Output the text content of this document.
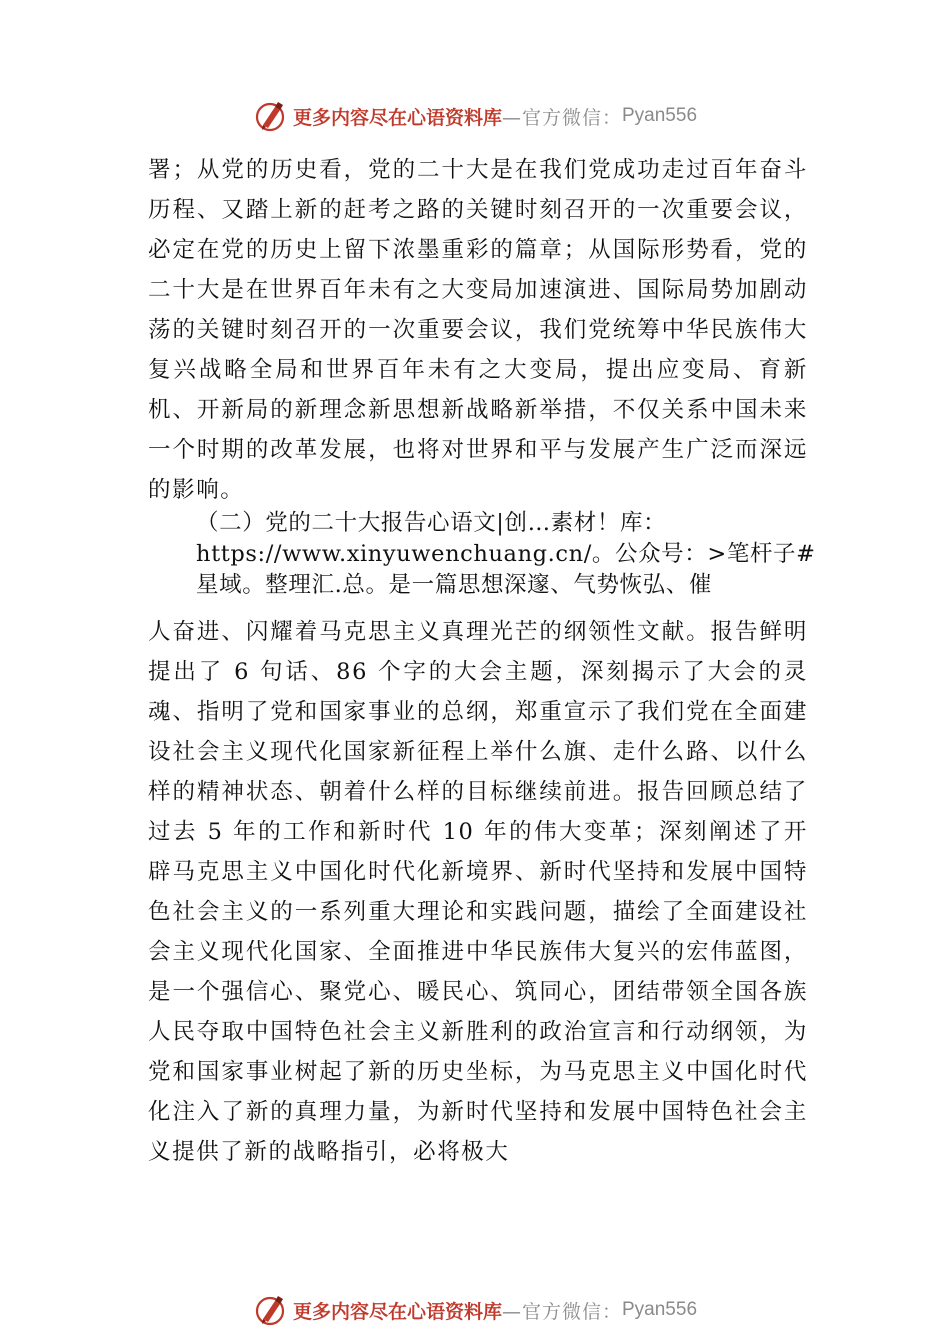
更多内容尽在心语资料库 —官方微信： Pyan556

署；从党的历史看，党的二十大是在我们党成功走过百年奋斗历程、又踏上新的赶考之路的关键时刻召开的一次重要会议，必定在党的历史上留下浓墨重彩的篇章；从国际形势看，党的二十大是在世界百年未有之大变局加速演进、国际局势加剧动荡的关键时刻召开的一次重要会议，我们党统筹中华民族伟大复兴战略全局和世界百年未有之大变局，提出应变局、育新机、开新局的新理念新思想新战略新举措，不仅关系中国未来一个时期的改革发展，也将对世界和平与发展产生广泛而深远的影响。

（二）党的二十大报告心语文|创…素材！库：https://www.xinyuwenchuang.cn/。公众号：>笔杆子#星域。整理汇.总。是一篇思想深邃、气势恢弘、催

人奋进、闪耀着马克思主义真理光芒的纲领性文献。报告鲜明提出了 6 句话、86 个字的大会主题，深刻揭示了大会的灵魂、指明了党和国家事业的总纲，郑重宣示了我们党在全面建设社会主义现代化国家新征程上举什么旗、走什么路、以什么样的精神状态、朝着什么样的目标继续前进。报告回顾总结了过去 5 年的工作和新时代 10 年的伟大变革；深刻阐述了开辟马克思主义中国化时代化新境界、新时代坚持和发展中国特色社会主义的一系列重大理论和实践问题，描绘了全面建设社会主义现代化国家、全面推进中华民族伟大复兴的宏伟蓝图，是一个强信心、聚党心、暖民心、筑同心，团结带领全国各族人民夺取中国特色社会主义新胜利的政治宣言和行动纲领，为党和国家事业树起了新的历史坐标，为马克思主义中国化时代化注入了新的真理力量，为新时代坚持和发展中国特色社会主义提供了新的战略指引，必将极大

更多内容尽在心语资料库 —官方微信： Pyan556
